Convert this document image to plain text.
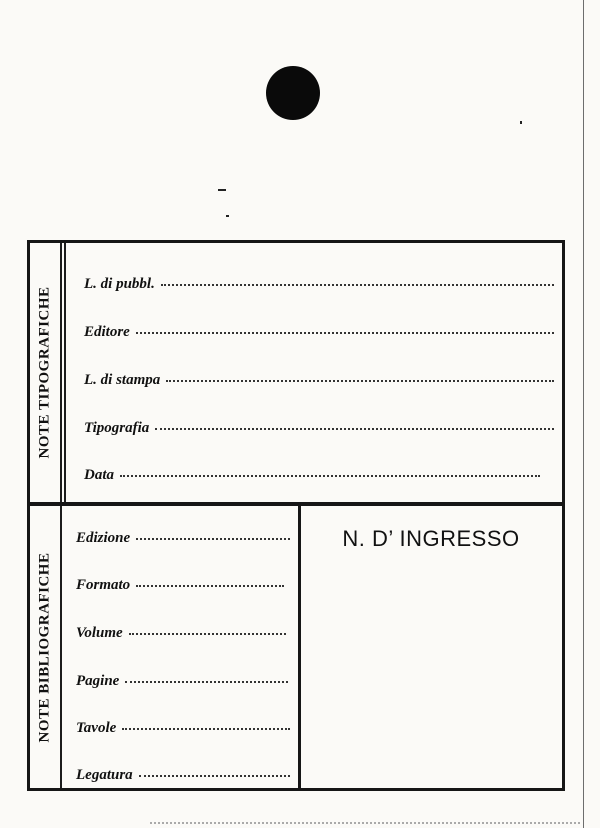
NOTE TIPOGRAFICHE
L. di pubbl.
Editore
L. di stampa
Tipografia
Data
NOTE BIBLIOGRAFICHE
Edizione
Formato
Volume
Pagine
Tavole
Legatura
N. D’ INGRESSO
